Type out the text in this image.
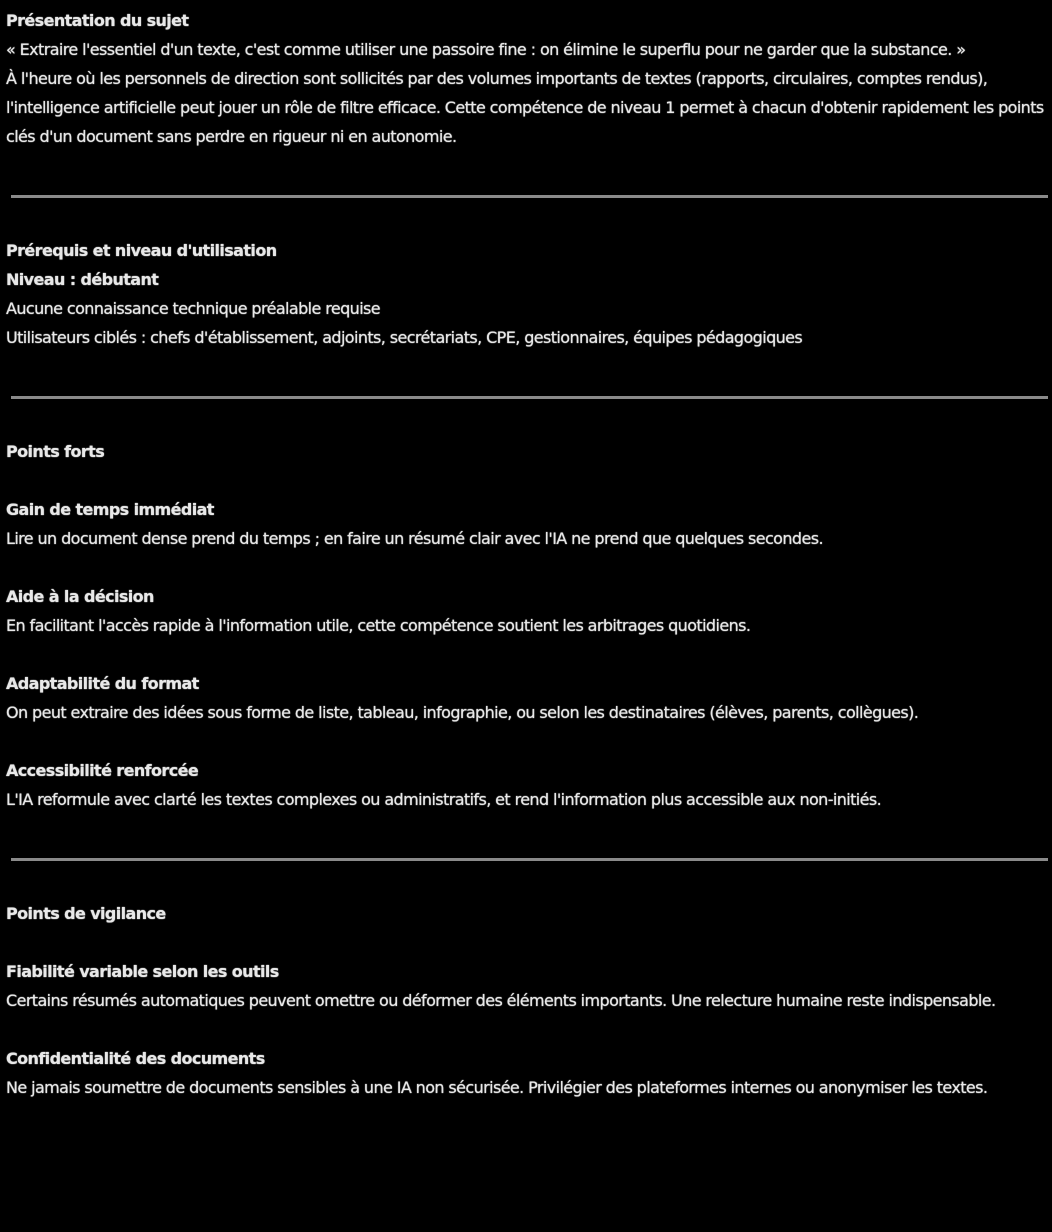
Présentation du sujet
« Extraire l'essentiel d'un texte, c'est comme utiliser une passoire fine : on élimine le superflu pour ne garder que la substance. »
À l'heure où les personnels de direction sont sollicités par des volumes importants de textes (rapports, circulaires, comptes rendus), l'intelligence artificielle peut jouer un rôle de filtre efficace. Cette compétence de niveau 1 permet à chacun d'obtenir rapidement les points clés d'un document sans perdre en rigueur ni en autonomie.
Prérequis et niveau d'utilisation
Niveau : débutant
Aucune connaissance technique préalable requise
Utilisateurs ciblés : chefs d'établissement, adjoints, secrétariats, CPE, gestionnaires, équipes pédagogiques
Points forts
Gain de temps immédiat
Lire un document dense prend du temps ; en faire un résumé clair avec l'IA ne prend que quelques secondes.
Aide à la décision
En facilitant l'accès rapide à l'information utile, cette compétence soutient les arbitrages quotidiens.
Adaptabilité du format
On peut extraire des idées sous forme de liste, tableau, infographie, ou selon les destinataires (élèves, parents, collègues).
Accessibilité renforcée
L'IA reformule avec clarté les textes complexes ou administratifs, et rend l'information plus accessible aux non-initiés.
Points de vigilance
Fiabilité variable selon les outils
Certains résumés automatiques peuvent omettre ou déformer des éléments importants. Une relecture humaine reste indispensable.
Confidentialité des documents
Ne jamais soumettre de documents sensibles à une IA non sécurisée. Privilégier des plateformes internes ou anonymiser les textes.
